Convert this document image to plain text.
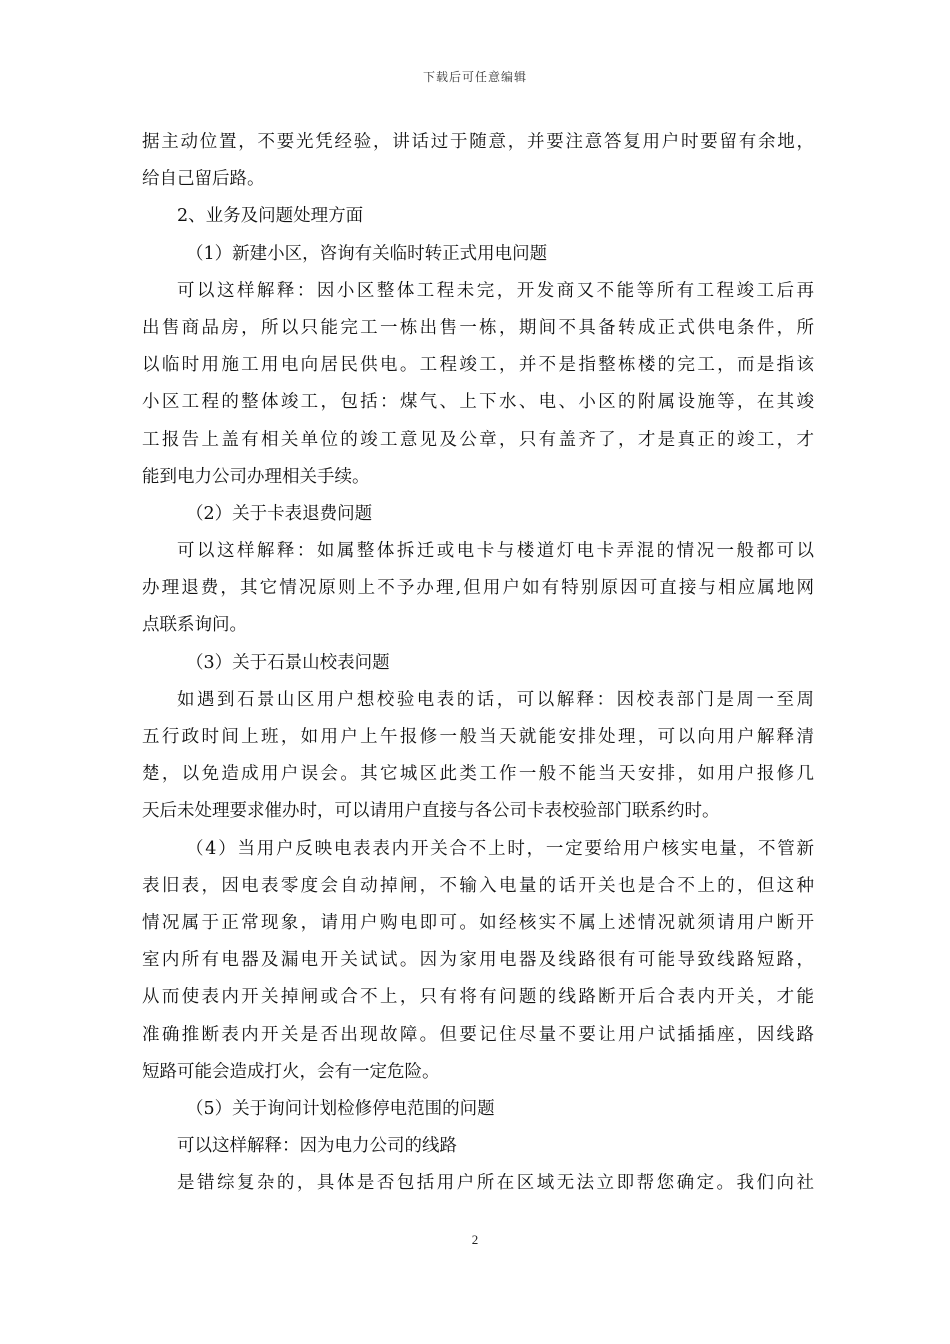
下载后可任意编辑
据主动位置，不要光凭经验，讲话过于随意，并要注意答复用户时要留有余地，
给自己留后路。
2、业务及问题处理方面
（1）新建小区，咨询有关临时转正式用电问题
可以这样解释：因小区整体工程未完，开发商又不能等所有工程竣工后再
出售商品房，所以只能完工一栋出售一栋，期间不具备转成正式供电条件，所
以临时用施工用电向居民供电。工程竣工，并不是指整栋楼的完工，而是指该
小区工程的整体竣工，包括：煤气、上下水、电、小区的附属设施等，在其竣
工报告上盖有相关单位的竣工意见及公章，只有盖齐了，才是真正的竣工，才
能到电力公司办理相关手续。
（2）关于卡表退费问题
可以这样解释：如属整体拆迁或电卡与楼道灯电卡弄混的情况一般都可以
办理退费，其它情况原则上不予办理,但用户如有特别原因可直接与相应属地网
点联系询问。
（3）关于石景山校表问题
如遇到石景山区用户想校验电表的话，可以解释：因校表部门是周一至周
五行政时间上班，如用户上午报修一般当天就能安排处理，可以向用户解释清
楚，以免造成用户误会。其它城区此类工作一般不能当天安排，如用户报修几
天后未处理要求催办时，可以请用户直接与各公司卡表校验部门联系约时。
（4）当用户反映电表表内开关合不上时，一定要给用户核实电量，不管新
表旧表，因电表零度会自动掉闸，不输入电量的话开关也是合不上的，但这种
情况属于正常现象，请用户购电即可。如经核实不属上述情况就须请用户断开
室内所有电器及漏电开关试试。因为家用电器及线路很有可能导致线路短路，
从而使表内开关掉闸或合不上，只有将有问题的线路断开后合表内开关，才能
准确推断表内开关是否出现故障。但要记住尽量不要让用户试插插座，因线路
短路可能会造成打火，会有一定危险。
（5）关于询问计划检修停电范围的问题
可以这样解释：因为电力公司的线路
是错综复杂的，具体是否包括用户所在区域无法立即帮您确定。我们向社
2
